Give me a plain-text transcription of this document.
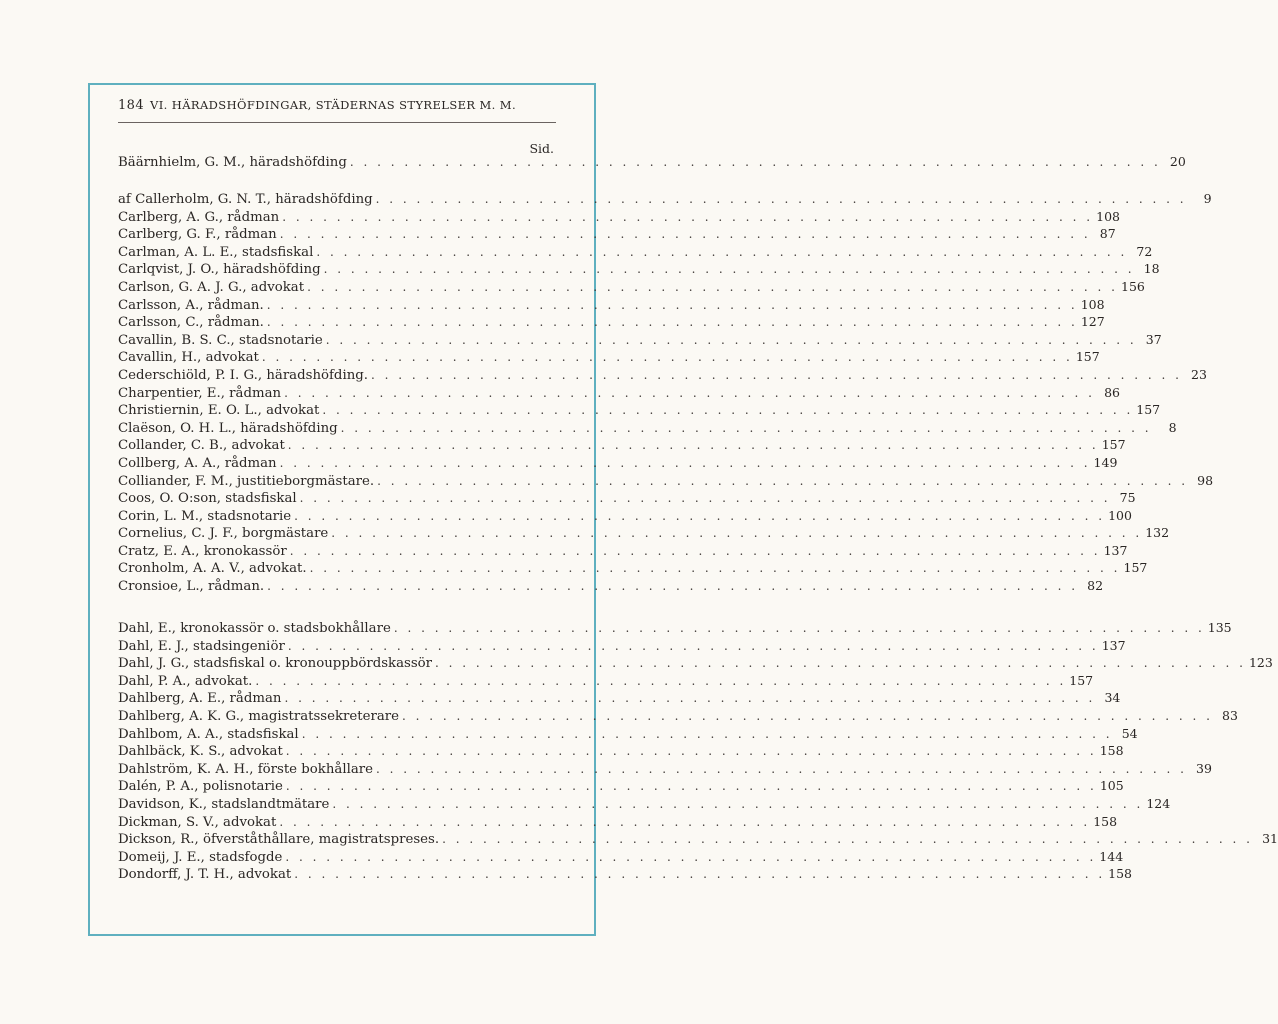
184 VI. HÄRADSHÖFDINGAR, STÄDERNAS STYRELSER M. M.
Sid.
Bäärnhielm, G. M., häradshöfding . . . . . . . . . . . . . . . . . . . . . . . . . . . . . . . . . . . . . . . . . . . . . . . . . . . . . . . . . . . . 20
af Callerholm, G. N. T., häradshöfding . . . . . . . . . . . . . . . . . . . . . . . . . . . . . . . . . . . . . . . . . . . . . . . . . . . . . . . . . . . .	9
Carlberg, A. G., rådman . . . . . . . . . . . . . . . . . . . . . . . . . . . . . . . . . . . . . . . . . . . . . . . . . . . . . . . . . . . . 108
Carlberg, G. F., rådman . . . . . . . . . . . . . . . . . . . . . . . . . . . . . . . . . . . . . . . . . . . . . . . . . . . . . . . . . . . . 87
Carlman, A. L. E., stadsfiskal . . . . . . . . . . . . . . . . . . . . . . . . . . . . . . . . . . . . . . . . . . . . . . . . . . . . . . . . . . . . 72
Carlqvist, J. O., häradshöfding . . . . . . . . . . . . . . . . . . . . . . . . . . . . . . . . . . . . . . . . . . . . . . . . . . . . . . . . . . . . 18
Carlson, G. A. J. G., advokat . . . . . . . . . . . . . . . . . . . . . . . . . . . . . . . . . . . . . . . . . . . . . . . . . . . . . . . . . . . . 156
Carlsson, A., rådman. . . . . . . . . . . . . . . . . . . . . . . . . . . . . . . . . . . . . . . . . . . . . . . . . . . . . . . . . . . . . 108
Carlsson, C., rådman. . . . . . . . . . . . . . . . . . . . . . . . . . . . . . . . . . . . . . . . . . . . . . . . . . . . . . . . . . . . . 127
Cavallin, B. S. C., stadsnotarie . . . . . . . . . . . . . . . . . . . . . . . . . . . . . . . . . . . . . . . . . . . . . . . . . . . . . . . . . . . . 37
Cavallin, H., advokat . . . . . . . . . . . . . . . . . . . . . . . . . . . . . . . . . . . . . . . . . . . . . . . . . . . . . . . . . . . . 157
Cederschiöld, P. I. G., häradshöfding. . . . . . . . . . . . . . . . . . . . . . . . . . . . . . . . . . . . . . . . . . . . . . . . . . . . . . . . . . . . . 23
Charpentier, E., rådman . . . . . . . . . . . . . . . . . . . . . . . . . . . . . . . . . . . . . . . . . . . . . . . . . . . . . . . . . . . . 86
Christiernin, E. O. L., advokat . . . . . . . . . . . . . . . . . . . . . . . . . . . . . . . . . . . . . . . . . . . . . . . . . . . . . . . . . . . . 157
Claëson, O. H. L., häradshöfding . . . . . . . . . . . . . . . . . . . . . . . . . . . . . . . . . . . . . . . . . . . . . . . . . . . . . . . . . . . .	8
Collander, C. B., advokat . . . . . . . . . . . . . . . . . . . . . . . . . . . . . . . . . . . . . . . . . . . . . . . . . . . . . . . . . . . . 157
Collberg, A. A., rådman . . . . . . . . . . . . . . . . . . . . . . . . . . . . . . . . . . . . . . . . . . . . . . . . . . . . . . . . . . . . 149
Colliander, F. M., justitieborgmästare. . . . . . . . . . . . . . . . . . . . . . . . . . . . . . . . . . . . . . . . . . . . . . . . . . . . . . . . . . . . . 98
Coos, O. O:son, stadsfiskal . . . . . . . . . . . . . . . . . . . . . . . . . . . . . . . . . . . . . . . . . . . . . . . . . . . . . . . . . . . . 75
Corin, L. M., stadsnotarie . . . . . . . . . . . . . . . . . . . . . . . . . . . . . . . . . . . . . . . . . . . . . . . . . . . . . . . . . . . . 100
Cornelius, C. J. F., borgmästare . . . . . . . . . . . . . . . . . . . . . . . . . . . . . . . . . . . . . . . . . . . . . . . . . . . . . . . . . . . . 132
Cratz, E. A., kronokassör . . . . . . . . . . . . . . . . . . . . . . . . . . . . . . . . . . . . . . . . . . . . . . . . . . . . . . . . . . . . 137
Cronholm, A. A. V., advokat. . . . . . . . . . . . . . . . . . . . . . . . . . . . . . . . . . . . . . . . . . . . . . . . . . . . . . . . . . . . . 157
Cronsioe, L., rådman. . . . . . . . . . . . . . . . . . . . . . . . . . . . . . . . . . . . . . . . . . . . . . . . . . . . . . . . . . . . . 82
Dahl, E., kronokassör o. stadsbokhållare . . . . . . . . . . . . . . . . . . . . . . . . . . . . . . . . . . . . . . . . . . . . . . . . . . . . . . . . . . . . 135
Dahl, E. J., stadsingeniör . . . . . . . . . . . . . . . . . . . . . . . . . . . . . . . . . . . . . . . . . . . . . . . . . . . . . . . . . . . . 137
Dahl, J. G., stadsfiskal o. kronouppbördskassör . . . . . . . . . . . . . . . . . . . . . . . . . . . . . . . . . . . . . . . . . . . . . . . . . . . . . . . . . . . . 123
Dahl, P. A., advokat. . . . . . . . . . . . . . . . . . . . . . . . . . . . . . . . . . . . . . . . . . . . . . . . . . . . . . . . . . . . . 157
Dahlberg, A. E., rådman . . . . . . . . . . . . . . . . . . . . . . . . . . . . . . . . . . . . . . . . . . . . . . . . . . . . . . . . . . . . 34
Dahlberg, A. K. G., magistratssekreterare . . . . . . . . . . . . . . . . . . . . . . . . . . . . . . . . . . . . . . . . . . . . . . . . . . . . . . . . . . . . 83
Dahlbom, A. A., stadsfiskal . . . . . . . . . . . . . . . . . . . . . . . . . . . . . . . . . . . . . . . . . . . . . . . . . . . . . . . . . . . . 54
Dahlbäck, K. S., advokat . . . . . . . . . . . . . . . . . . . . . . . . . . . . . . . . . . . . . . . . . . . . . . . . . . . . . . . . . . . . 158
Dahlström, K. A. H., förste bokhållare . . . . . . . . . . . . . . . . . . . . . . . . . . . . . . . . . . . . . . . . . . . . . . . . . . . . . . . . . . . . 39
Dalén, P. A., polisnotarie . . . . . . . . . . . . . . . . . . . . . . . . . . . . . . . . . . . . . . . . . . . . . . . . . . . . . . . . . . . . 105
Davidson, K., stadslandtmätare . . . . . . . . . . . . . . . . . . . . . . . . . . . . . . . . . . . . . . . . . . . . . . . . . . . . . . . . . . . . 124
Dickman, S. V., advokat . . . . . . . . . . . . . . . . . . . . . . . . . . . . . . . . . . . . . . . . . . . . . . . . . . . . . . . . . . . . 158
Dickson, R., öfverståthållare, magistratspreses. . . . . . . . . . . . . . . . . . . . . . . . . . . . . . . . . . . . . . . . . . . . . . . . . . . . . . . . . . . . . 31
Domeij, J. E., stadsfogde . . . . . . . . . . . . . . . . . . . . . . . . . . . . . . . . . . . . . . . . . . . . . . . . . . . . . . . . . . . . 144
Dondorff, J. T. H., advokat . . . . . . . . . . . . . . . . . . . . . . . . . . . . . . . . . . . . . . . . . . . . . . . . . . . . . . . . . . . . 158
